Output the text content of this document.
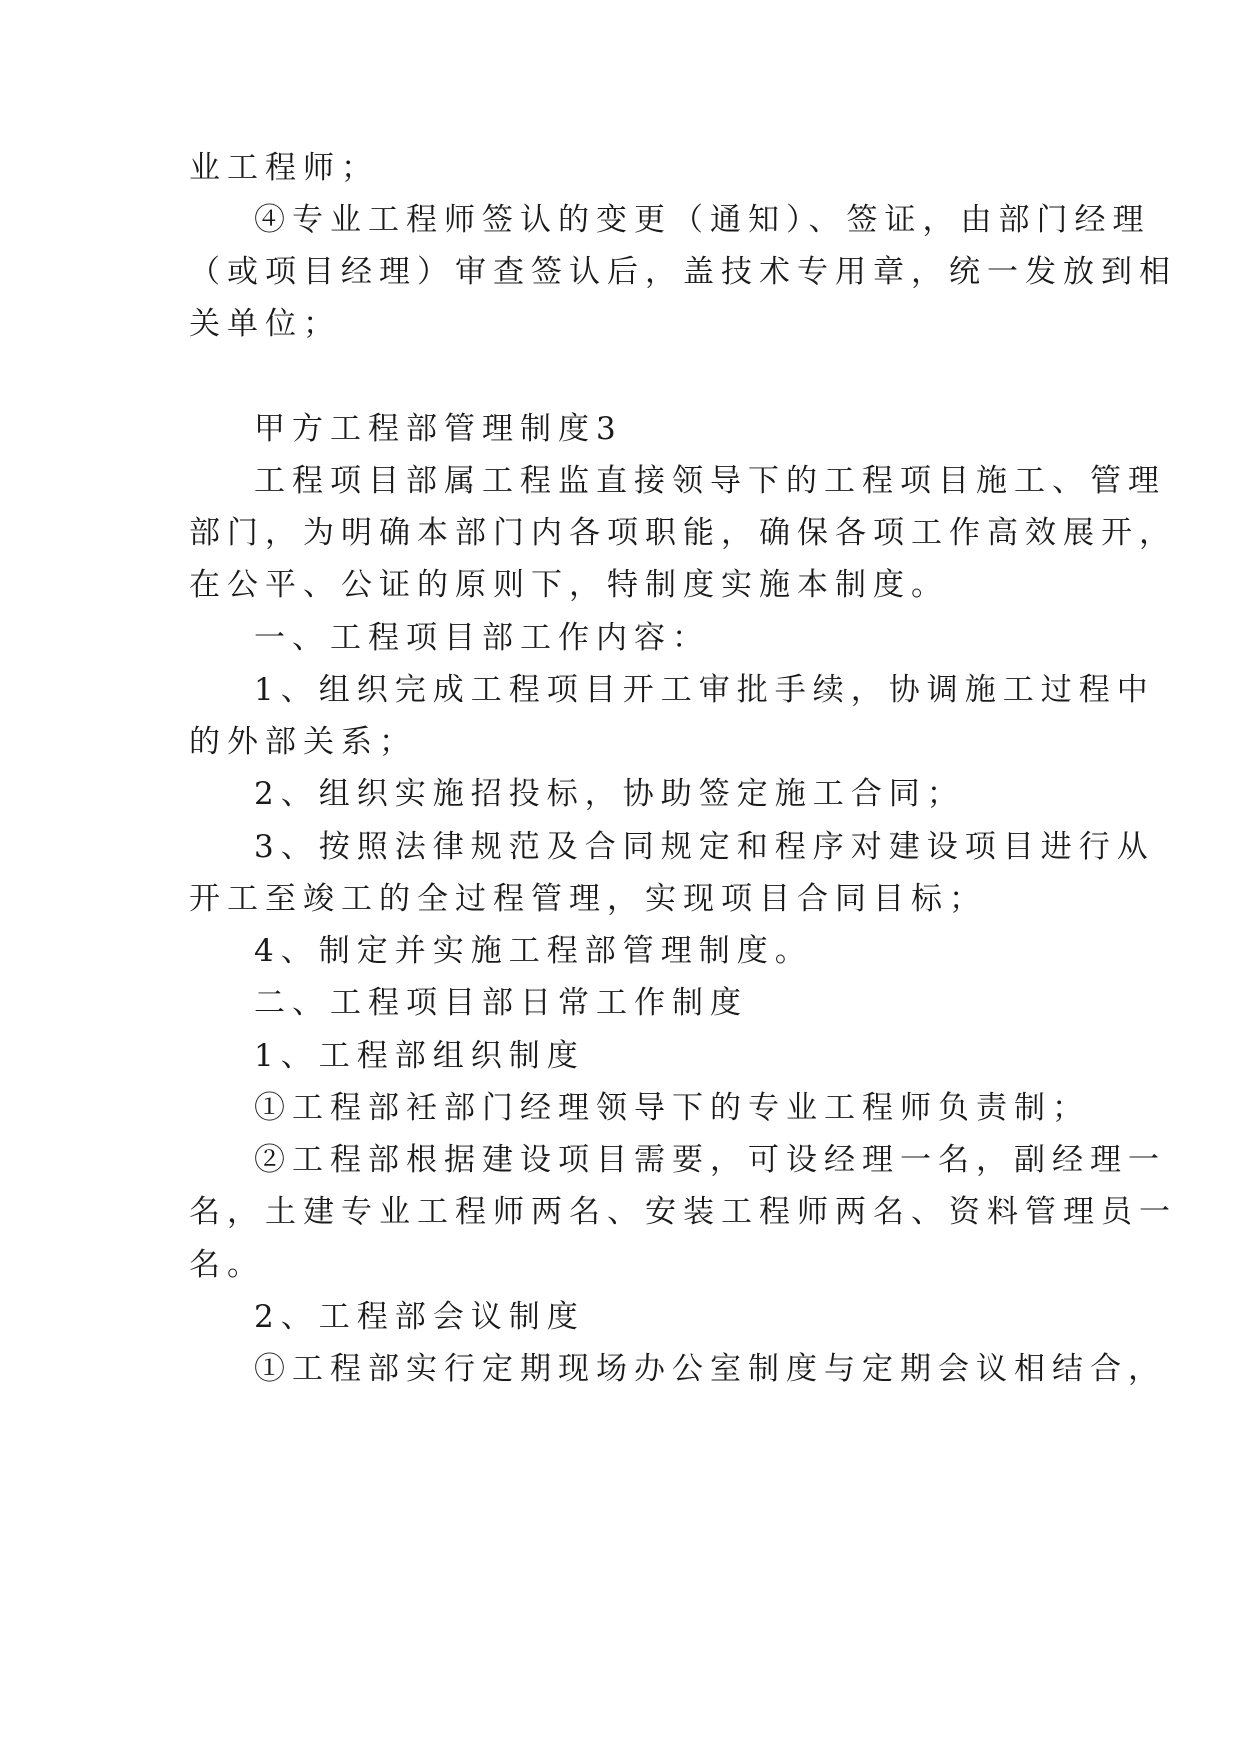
业工程师；
④专业工程师签认的变更（通知）、签证，由部门经理
（或项目经理）审查签认后，盖技术专用章，统一发放到相
关单位；
甲方工程部管理制度3
工程项目部属工程监直接领导下的工程项目施工、管理
部门，为明确本部门内各项职能，确保各项工作高效展开，
在公平、公证的原则下，特制度实施本制度。
一、工程项目部工作内容：
1、组织完成工程项目开工审批手续，协调施工过程中
的外部关系；
2、组织实施招投标，协助签定施工合同；
3、按照法律规范及合同规定和程序对建设项目进行从
开工至竣工的全过程管理，实现项目合同目标；
4、制定并实施工程部管理制度。
二、工程项目部日常工作制度
1、工程部组织制度
①工程部衽部门经理领导下的专业工程师负责制；
②工程部根据建设项目需要，可设经理一名，副经理一
名，土建专业工程师两名、安装工程师两名、资料管理员一
名。
2、工程部会议制度
①工程部实行定期现场办公室制度与定期会议相结合，
